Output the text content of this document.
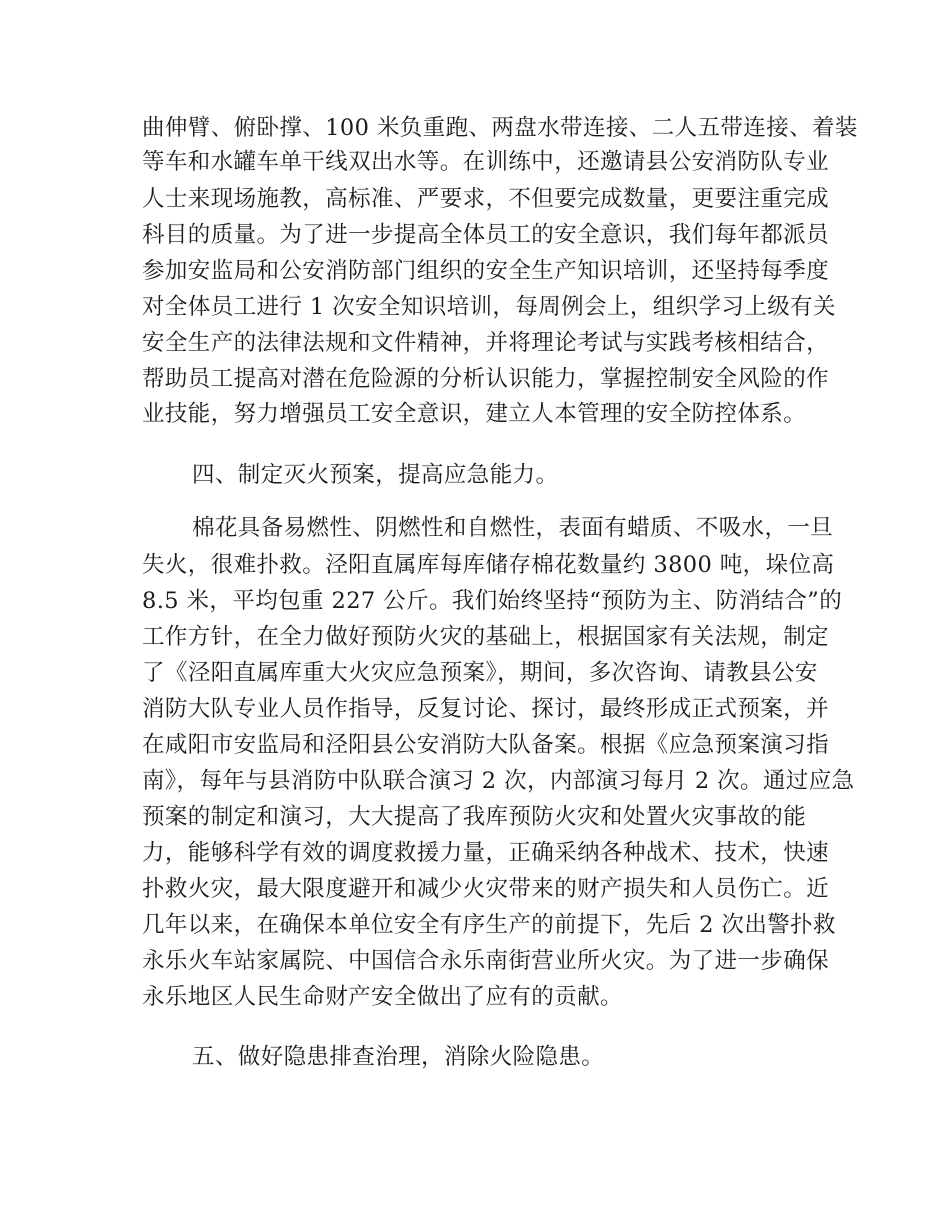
曲伸臂、俯卧撑、100 米负重跑、两盘水带连接、二人五带连接、着装
等车和水罐车单干线双出水等。在训练中，还邀请县公安消防队专业
人士来现场施教，高标准、严要求，不但要完成数量，更要注重完成
科目的质量。为了进一步提高全体员工的安全意识，我们每年都派员
参加安监局和公安消防部门组织的安全生产知识培训，还坚持每季度
对全体员工进行 1 次安全知识培训，每周例会上，组织学习上级有关
安全生产的法律法规和文件精神，并将理论考试与实践考核相结合，
帮助员工提高对潜在危险源的分析认识能力，掌握控制安全风险的作
业技能，努力增强员工安全意识，建立人本管理的安全防控体系。
四、制定灭火预案，提高应急能力。
棉花具备易燃性、阴燃性和自燃性，表面有蜡质、不吸水，一旦
失火，很难扑救。泾阳直属库每库储存棉花数量约 3800 吨，垛位高
8.5 米，平均包重 227 公斤。我们始终坚持“预防为主、防消结合”的
工作方针，在全力做好预防火灾的基础上，根据国家有关法规，制定
了《泾阳直属库重大火灾应急预案》，期间，多次咨询、请教县公安
消防大队专业人员作指导，反复讨论、探讨，最终形成正式预案，并
在咸阳市安监局和泾阳县公安消防大队备案。根据《应急预案演习指
南》，每年与县消防中队联合演习 2 次，内部演习每月 2 次。通过应急
预案的制定和演习，大大提高了我库预防火灾和处置火灾事故的能
力，能够科学有效的调度救援力量，正确采纳各种战术、技术，快速
扑救火灾，最大限度避开和减少火灾带来的财产损失和人员伤亡。近
几年以来，在确保本单位安全有序生产的前提下，先后 2 次出警扑救
永乐火车站家属院、中国信合永乐南街营业所火灾。为了进一步确保
永乐地区人民生命财产安全做出了应有的贡献。
五、做好隐患排查治理，消除火险隐患。
